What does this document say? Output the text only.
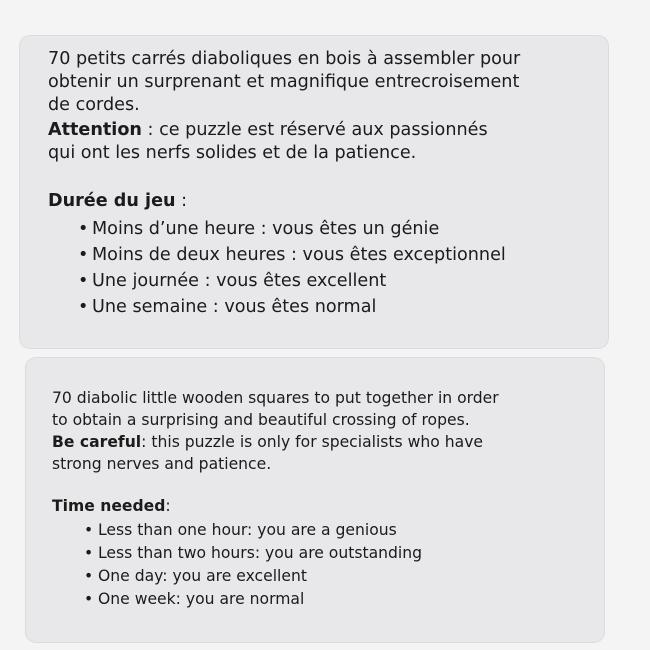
70 petits carrés diaboliques en bois à assembler pour
obtenir un surprenant et magnifique entrecroisement
de cordes.
Attention : ce puzzle est réservé aux passionnés
qui ont les nerfs solides et de la patience.
Durée du jeu :
• Moins d’une heure : vous êtes un génie
• Moins de deux heures : vous êtes exceptionnel
• Une journée : vous êtes excellent
• Une semaine : vous êtes normal
70 diabolic little wooden squares to put together in order
to obtain a surprising and beautiful crossing of ropes.
Be careful: this puzzle is only for specialists who have
strong nerves and patience.
Time needed:
• Less than one hour: you are a genious
• Less than two hours: you are outstanding
• One day: you are excellent
• One week: you are normal
